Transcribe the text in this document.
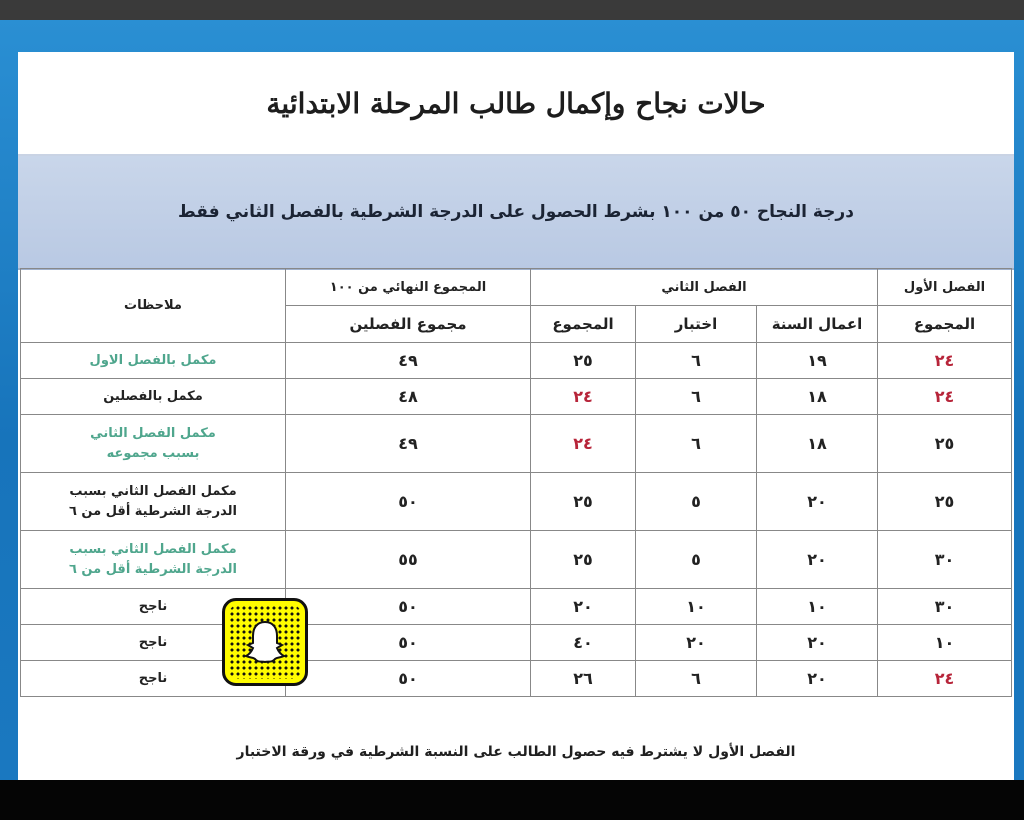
حالات نجاح وإكمال طالب المرحلة الابتدائية
درجة النجاح ٥٠ من ١٠٠ بشرط الحصول على الدرجة الشرطية بالفصل الثاني فقط
الفصل الأول	الفصل الثاني			المجموع النهائي من ١٠٠	ملاحظات
المجموع	اعمال السنة	اختبار	المجموع	مجموع الفصلين	
٢٤	١٩	٦	٢٥	٤٩	مكمل بالفصل الاول
٢٤	١٨	٦	٢٤	٤٨	مكمل بالفصلين
٢٥	١٨	٦	٢٤	٤٩	مكمل الفصل الثاني
بسبب مجموعه

٢٥	٢٠	٥	٢٥	٥٠	مكمل الفصل الثاني بسبب
الدرجة الشرطية أقل من ٦

٣٠	٢٠	٥	٢٥	٥٥	مكمل الفصل الثاني بسبب
الدرجة الشرطية أقل من ٦

٣٠	١٠	١٠	٢٠	٥٠	ناجح
١٠	٢٠	٢٠	٤٠	٥٠	ناجح
٢٤	٢٠	٦	٢٦	٥٠	ناجح
الفصل الأول لا يشترط فيه حصول الطالب على النسبة الشرطية في ورقة الاختبار
